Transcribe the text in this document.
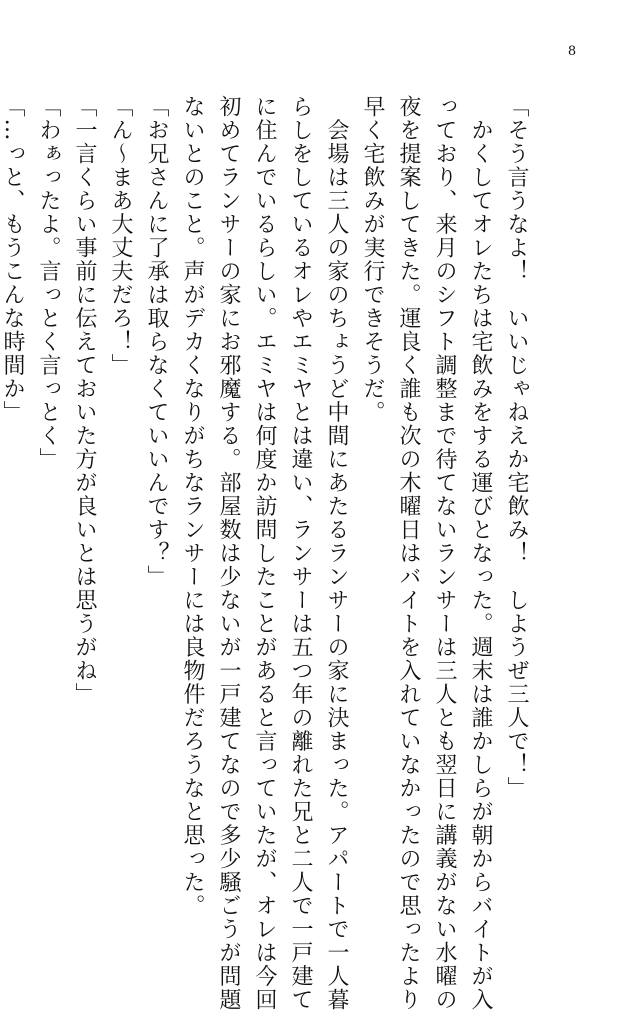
8
「そう言うなよ！　いいじゃねえか宅飲み！　しようぜ三人で！」
　かくしてオレたちは宅飲みをする運びとなった。週末は誰かしらが朝からバイトが入
っており、来月のシフト調整まで待てないランサーは三人とも翌日に講義がない水曜の
夜を提案してきた。運良く誰も次の木曜日はバイトを入れていなかったので思ったより
早く宅飲みが実行できそうだ。
　会場は三人の家のちょうど中間にあたるランサーの家に決まった。アパートで一人暮
らしをしているオレやエミヤとは違い、ランサーは五つ年の離れた兄と二人で一戸建て
に住んでいるらしい。エミヤは何度か訪問したことがあると言っていたが、オレは今回
初めてランサーの家にお邪魔する。部屋数は少ないが一戸建てなので多少騒ごうが問題
ないとのこと。声がデカくなりがちなランサーには良物件だろうなと思った。
「お兄さんに了承は取らなくていいんです？」
「ん～まあ大丈夫だろ！」
「一言くらい事前に伝えておいた方が良いとは思うがね」
「わぁったよ。言っとく言っとく」
「…っと、もうこんな時間か」
